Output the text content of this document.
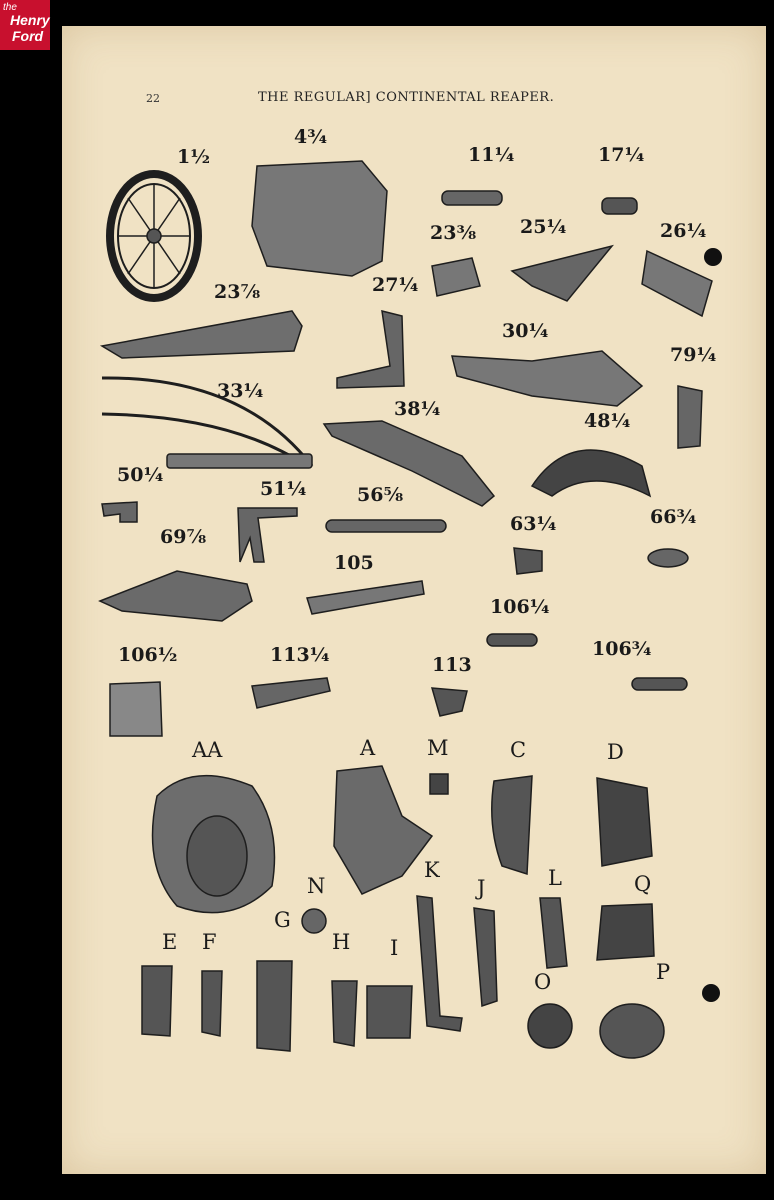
the
Henry
Ford
22	THE REGULAR] CONTINENTAL REAPER.
1½
4¾
11¼	17¼
23⅜ 25¼	26¼
23⅞	27¼
30¼
79¼
33¼
38¼
48¼
50¼
51¼	56⅝
63¼	66¾
69⅞
105
106¼
106½	113¼	113
106¾
AA	A M	C	D
N
K
J	L	Q
E F
G
H I
O	P
